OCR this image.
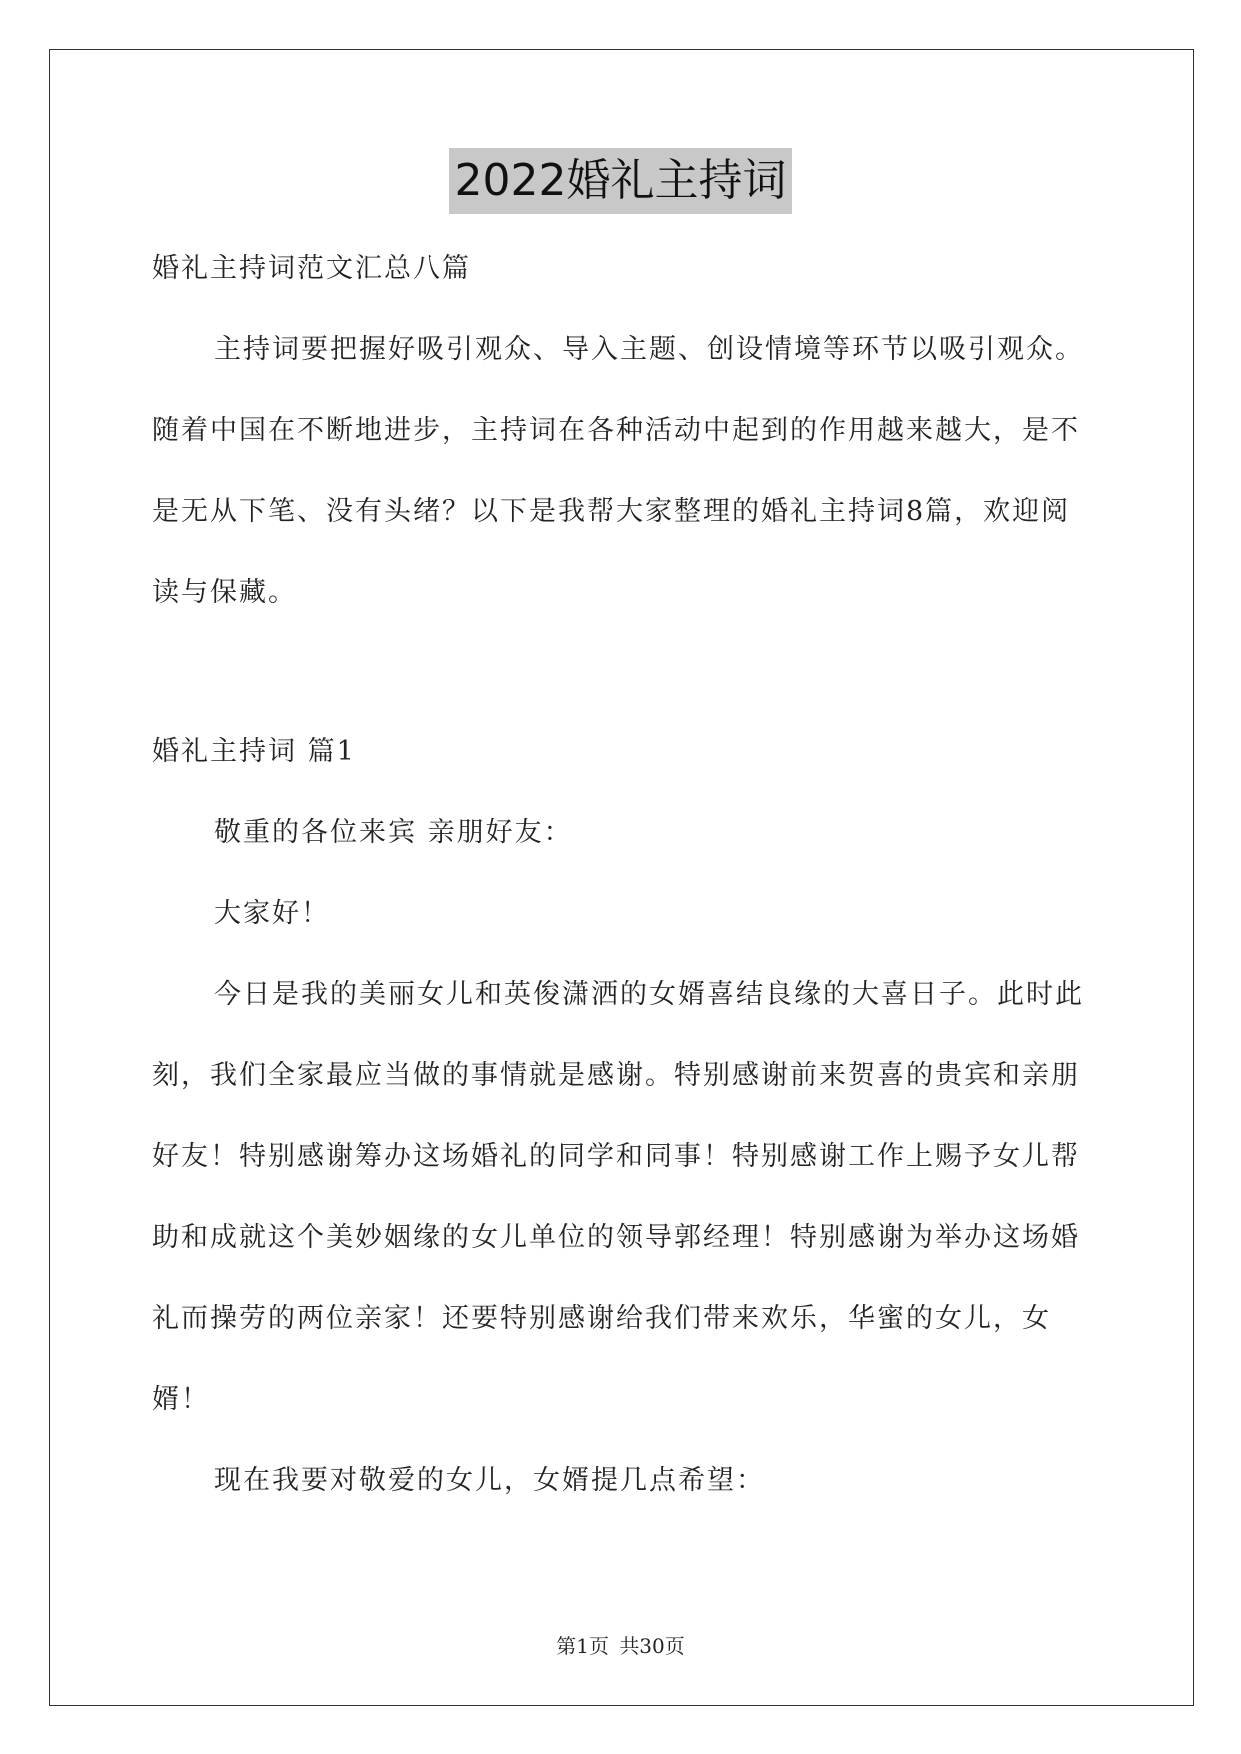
2022婚礼主持词

婚礼主持词范文汇总八篇

主持词要把握好吸引观众、导入主题、创设情境等环节以吸引观众。随着中国在不断地进步，主持词在各种活动中起到的作用越来越大，是不是无从下笔、没有头绪？以下是我帮大家整理的婚礼主持词8篇，欢迎阅读与保藏。

婚礼主持词 篇1

敬重的各位来宾 亲朋好友：

大家好！

今日是我的美丽女儿和英俊潇洒的女婿喜结良缘的大喜日子。此时此刻，我们全家最应当做的事情就是感谢。特别感谢前来贺喜的贵宾和亲朋好友！特别感谢筹办这场婚礼的同学和同事！特别感谢工作上赐予女儿帮助和成就这个美妙姻缘的女儿单位的领导郭经理！特别感谢为举办这场婚礼而操劳的两位亲家！还要特别感谢给我们带来欢乐，华蜜的女儿，女婿！

现在我要对敬爱的女儿，女婿提几点希望：

第1页 共30页
